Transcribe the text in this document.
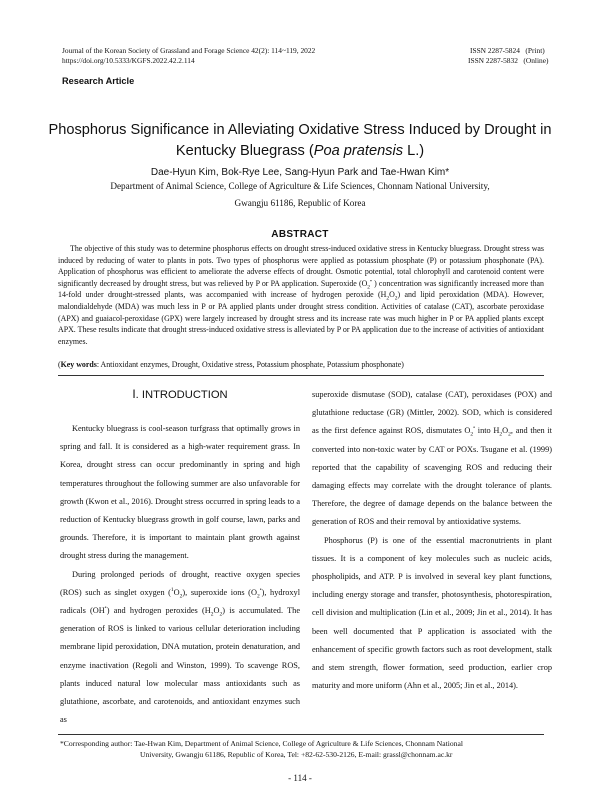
Journal of the Korean Society of Grassland and Forage Science 42(2): 114~119, 2022
https://doi.org/10.5333/KGFS.2022.42.2.114
ISSN 2287-5824   (Print)
ISSN 2287-5832   (Online)
Research Article
Phosphorus Significance in Alleviating Oxidative Stress Induced by Drought in
Kentucky Bluegrass (Poa pratensis L.)
Dae-Hyun Kim, Bok-Rye Lee, Sang-Hyun Park and Tae-Hwan Kim*
Department of Animal Science, College of Agriculture & Life Sciences, Chonnam National University,
Gwangju 61186, Republic of Korea
ABSTRACT
The objective of this study was to determine phosphorus effects on drought stress-induced oxidative stress in Kentucky bluegrass. Drought stress was induced by reducing of water to plants in pots. Two types of phosphorus were applied as potassium phosphate (P) or potassium phosphonate (PA). Application of phosphorus was efficient to ameliorate the adverse effects of drought. Osmotic potential, total chlorophyll and carotenoid content were significantly decreased by drought stress, but was relieved by P or PA application. Superoxide ($O_2^•$ ) concentration was significantly increased more than 14-fold under drought-stressed plants, was accompanied with increase of hydrogen peroxide $(H_2O_2)$ and lipid peroxidation (MDA). However, malondialdehyde (MDA) was much less in P or PA applied plants under drought stress condition. Activities of catalase (CAT), ascorbate peroxidase (APX) and guaiacol-peroxidase (GPX) were largely increased by drought stress and its increase rate was much higher in P or PA applied plants except APX. These results indicate that drought stress-induced oxidative stress is alleviated by P or PA application due to the increase of activities of antioxidant enzymes.
(Key words: Antioxidant enzymes, Drought, Oxidative stress, Potassium phosphate, Potassium phosphonate)
Ⅰ. INTRODUCTION

Kentucky bluegrass is cool-season turfgrass that optimally grows in spring and fall. It is considered as a high-water requirement grass. In Korea, drought stress can occur predominantly in spring and high temperatures throughout the following summer are also unfavorable for growth (Kwon et al., 2016). Drought stress occurred in spring leads to a reduction of Kentucky bluegrass growth in golf course, lawn, parks and grounds. Therefore, it is important to maintain plant growth against drought stress during the management.

During prolonged periods of drought, reactive oxygen species (ROS) such as singlet oxygen $(^1O_2)$, superoxide ions $(O_2^•)$, hydroxyl radicals (OH•) and hydrogen peroxides $(H_2O_2)$ is accumulated. The generation of ROS is linked to various cellular deterioration including membrane lipid peroxidation, DNA mutation, protein denaturation, and enzyme inactivation (Regoli and Winston, 1999). To scavenge ROS, plants induced natural low molecular mass antioxidants such as glutathione, ascorbate, and carotenoids, and antioxidant enzymes such as

superoxide dismutase (SOD), catalase (CAT), peroxidases (POX) and glutathione reductase (GR) (Mittler, 2002). SOD, which is considered as the first defence against ROS, dismutates $O_2^•$ into $H_2O_2$, and then it converted into non-toxic water by CAT or POXs. Tsugane et al. (1999) reported that the capability of scavenging ROS and reducing their damaging effects may correlate with the drought tolerance of plants. Therefore, the degree of damage depends on the balance between the generation of ROS and their removal by antioxidative systems.

Phosphorus (P) is one of the essential macronutrients in plant tissues. It is a component of key molecules such as nucleic acids, phospholipids, and ATP. P is involved in several key plant functions, including energy storage and transfer, photosynthesis, photorespiration, cell division and multiplication (Lin et al., 2009; Jin et al., 2014). It has been well documented that P application is associated with the enhancement of specific growth factors such as root development, stalk and stem strength, flower formation, seed production, earlier crop maturity and more uniform (Ahn et al., 2005; Jin et al., 2014).

*Corresponding author: Tae-Hwan Kim, Department of Animal Science, College of Agriculture & Life Sciences, Chonnam National
University, Gwangju 61186, Republic of Korea, Tel: +82-62-530-2126, E-mail: grassl@chonnam.ac.kr
- 114 -
